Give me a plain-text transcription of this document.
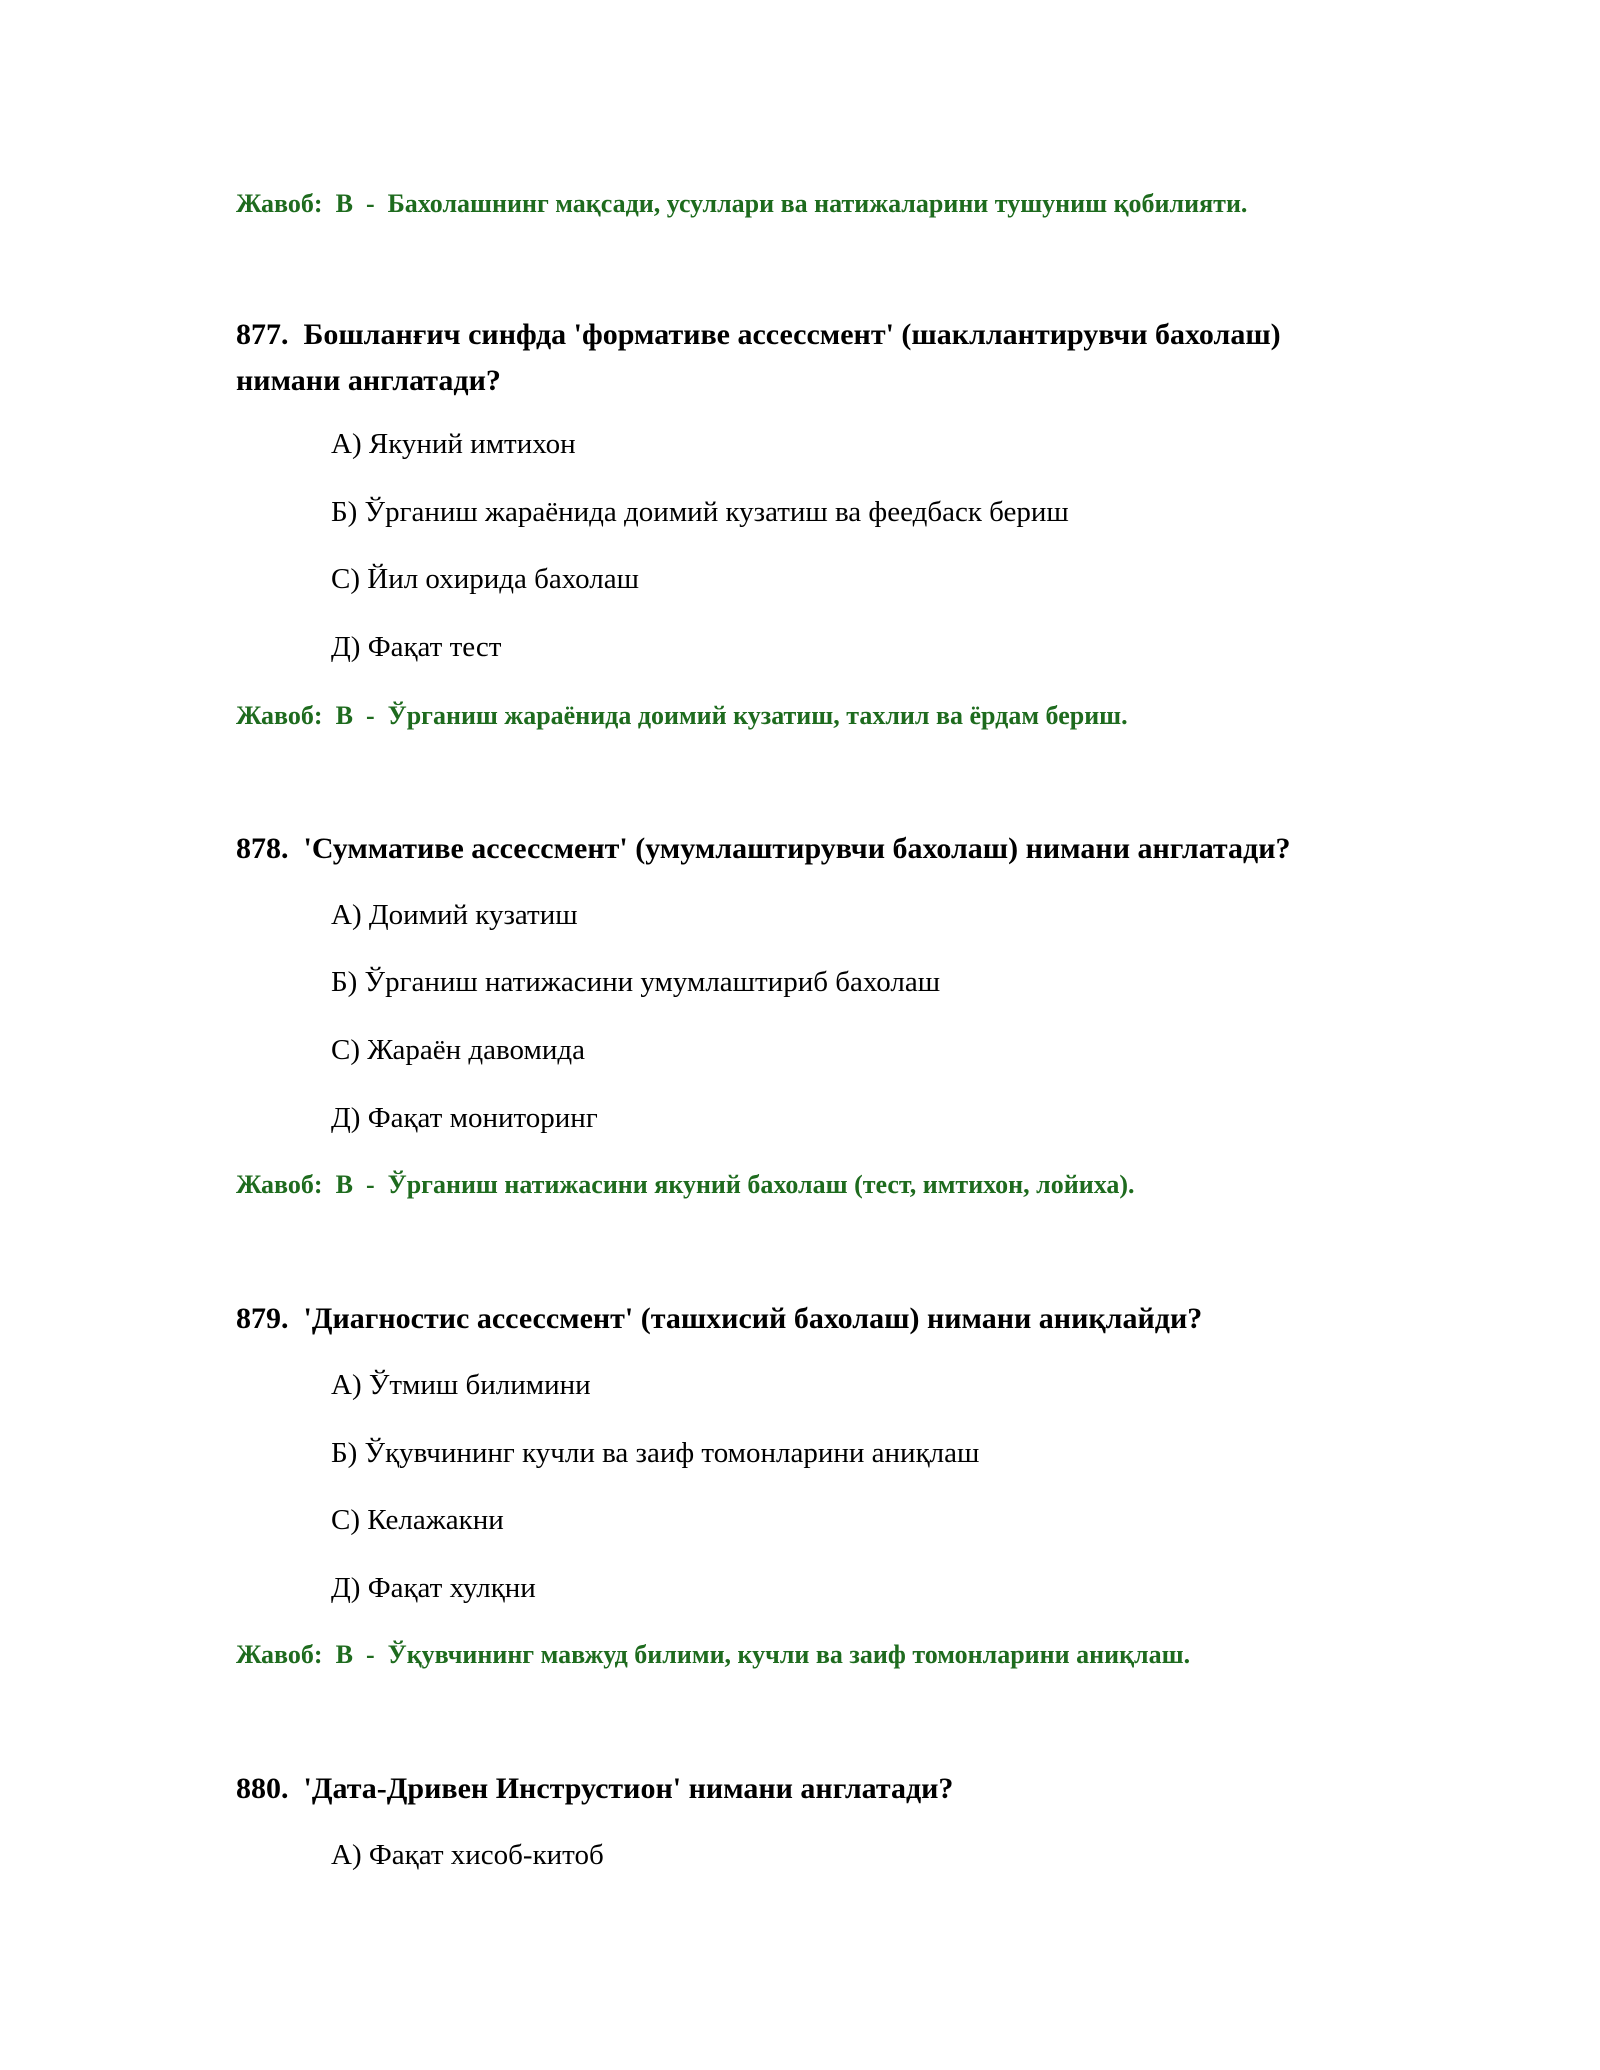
Жавоб: В - Бахолашнинг мақсади, усуллари ва натижаларини тушуниш қобилияти.
877. Бошланғич синфда 'формативе ассессмент' (шакллантирувчи бахолаш) нимани англатади?
А) Якуний имтихон
Б) Ўрганиш жараёнида доимий кузатиш ва феедбаск бериш
С) Йил охирида бахолаш
Д) Фақат тест
Жавоб: В - Ўрганиш жараёнида доимий кузатиш, тахлил ва ёрдам бериш.
878. 'Суммативе ассессмент' (умумлаштирувчи бахолаш) нимани англатади?
А) Доимий кузатиш
Б) Ўрганиш натижасини умумлаштириб бахолаш
С) Жараён давомида
Д) Фақат мониторинг
Жавоб: В - Ўрганиш натижасини якуний бахолаш (тест, имтихон, лойиха).
879. 'Диагностис ассессмент' (ташхисий бахолаш) нимани аниқлайди?
А) Ўтмиш билимини
Б) Ўқувчининг кучли ва заиф томонларини аниқлаш
С) Келажакни
Д) Фақат хулқни
Жавоб: В - Ўқувчининг мавжуд билими, кучли ва заиф томонларини аниқлаш.
880. 'Дата-Дривен Инструстион' нимани англатади?
А) Фақат хисоб-китоб
